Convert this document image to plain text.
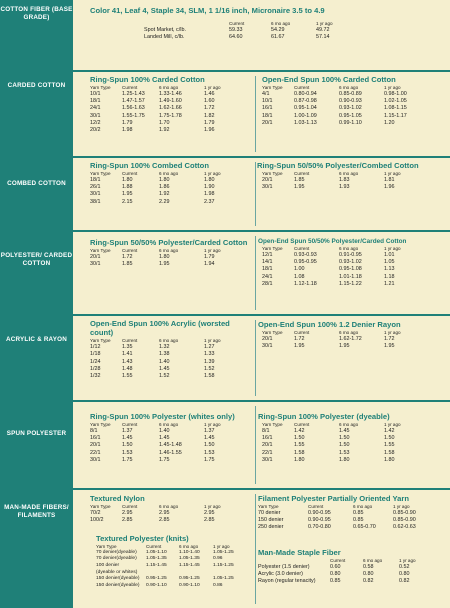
COTTON FIBER (BASE GRADE)
Color 41, Leaf 4, Staple 34, SLM, 1 1/16 inch, Micronaire 3.5 to 4.9
	Current	6 mo ago	1 yr ago
Spot Market, c/lb.	59.33	54.29	49.72
Landed Mill, c/lb.	64.60	61.67	57.14
CARDED COTTON
Ring-Spun 100% Carded Cotton
Yarn Type	Current	6 mo ago	1 yr ago
10/1	1.25-1.43	1.33-1.46	1.46
18/1	1.47-1.57	1.49-1.60	1.60
24/1	1.56-1.63	1.62-1.66	1.72
30/1	1.55-1.75	1.75-1.78	1.82
12/2	1.79	1.70	1.79
20/2	1.98	1.92	1.96
Open-End Spun 100% Carded Cotton
Yarn Type	Current	6 mo ago	1 yr ago
4/1	0.80-0.94	0.85-0.89	0.98-1.00
10/1	0.87-0.98	0.90-0.93	1.02-1.05
16/1	0.95-1.04	0.93-1.02	1.08-1.15
18/1	1.00-1.09	0.95-1.05	1.15-1.17
20/1	1.03-1.13	0.99-1.10	1.20
COMBED COTTON
Ring-Spun 100% Combed Cotton
Yarn Type	Current	6 mo ago	1 yr ago
18/1	1.80	1.80	1.80
26/1	1.88	1.86	1.90
30/1	1.95	1.92	1.98
38/1	2.15	2.29	2.37
Ring-Spun 50/50% Polyester/Combed Cotton
Yarn Type	Current	6 mo ago	1 yr ago
20/1	1.85	1.83	1.81
30/1	1.95	1.93	1.96
POLYESTER/ CARDED COTTON
Ring-Spun 50/50% Polyester/Carded Cotton
Yarn Type	Current	6 mo ago	1 yr ago
20/1	1.72	1.80	1.79
30/1	1.85	1.95	1.94
Open-End Spun 50/50% Polyester/Carded Cotton
Yarn Type	Current	6 mo ago	1 yr ago
12/1	0.93-0.93	0.91-0.95	1.01
14/1	0.95-0.95	0.93-1.02	1.05
18/1	1.00	0.95-1.08	1.13
24/1	1.08	1.01-1.18	1.18
28/1	1.12-1.18	1.15-1.22	1.21
ACRYLIC & RAYON
Open-End Spun 100% Acrylic (worsted count)
Yarn Type	Current	6 mo ago	1 yr ago
1/12	1.35	1.32	1.27
1/18	1.41	1.38	1.33
1/24	1.43	1.40	1.39
1/28	1.48	1.45	1.52
1/32	1.55	1.52	1.58
Open-End Spun 100% 1.2 Denier Rayon
Yarn Type	Current	6 mo ago	1 yr ago
20/1	1.72	1.62-1.72	1.72
30/1	1.95	1.95	1.95
SPUN POLYESTER
Ring-Spun 100% Polyester (whites only)
Yarn Type	Current	6 mo ago	1 yr ago
8/1	1.37	1.40	1.37
16/1	1.45	1.45	1.45
20/1	1.50	1.45-1.48	1.50
22/1	1.53	1.46-1.55	1.53
30/1	1.75	1.75	1.75
Ring-Spun 100% Polyester (dyeable)
Yarn Type	Current	6 mo ago	1 yr ago
8/1	1.42	1.45	1.42
16/1	1.50	1.50	1.50
20/1	1.55	1.50	1.55
22/1	1.58	1.53	1.58
30/1	1.80	1.80	1.80
MAN-MADE FIBERS/ FILAMENTS
Textured Nylon
Yarn Type	Current	6 mo ago	1 yr ago
70/2	2.95	2.95	2.95
100/2	2.85	2.85	2.85
Textured Polyester (knits)
Yarn Type	Current	6 mo ago	1 yr ago
70 denier(dyeable)	1.05-1.10	1.10-1.40	1.05-1.25
70 denier(dyeable)	1.05-1.35	1.05-1.35	0.96
100 denier	1.15-1.45	1.15-1.45	1.15-1.25
(dyeable or whites)			
150 denier(dyeable)	0.95-1.25	0.95-1.25	1.05-1.25
150 denier(dyeable)	0.90-1.10	0.90-1.10	0.86
Filament Polyester Partially Oriented Yarn
Yarn Type	Current	6 mo ago	1 yr ago
70 denier	0.90-0.95	0.85	0.85-0.90
150 denier	0.90-0.95	0.85	0.85-0.90
250 denier	0.70-0.80	0.65-0.70	0.62-0.63
Man-Made Staple Fiber
	Current	6 mo ago	1 yr ago
Polyester (1.5 denier)	0.60	0.58	0.52
Acrylic (3.0 denier)	0.80	0.80	0.80
Rayon (regular tenacity)	0.85	0.82	0.82
